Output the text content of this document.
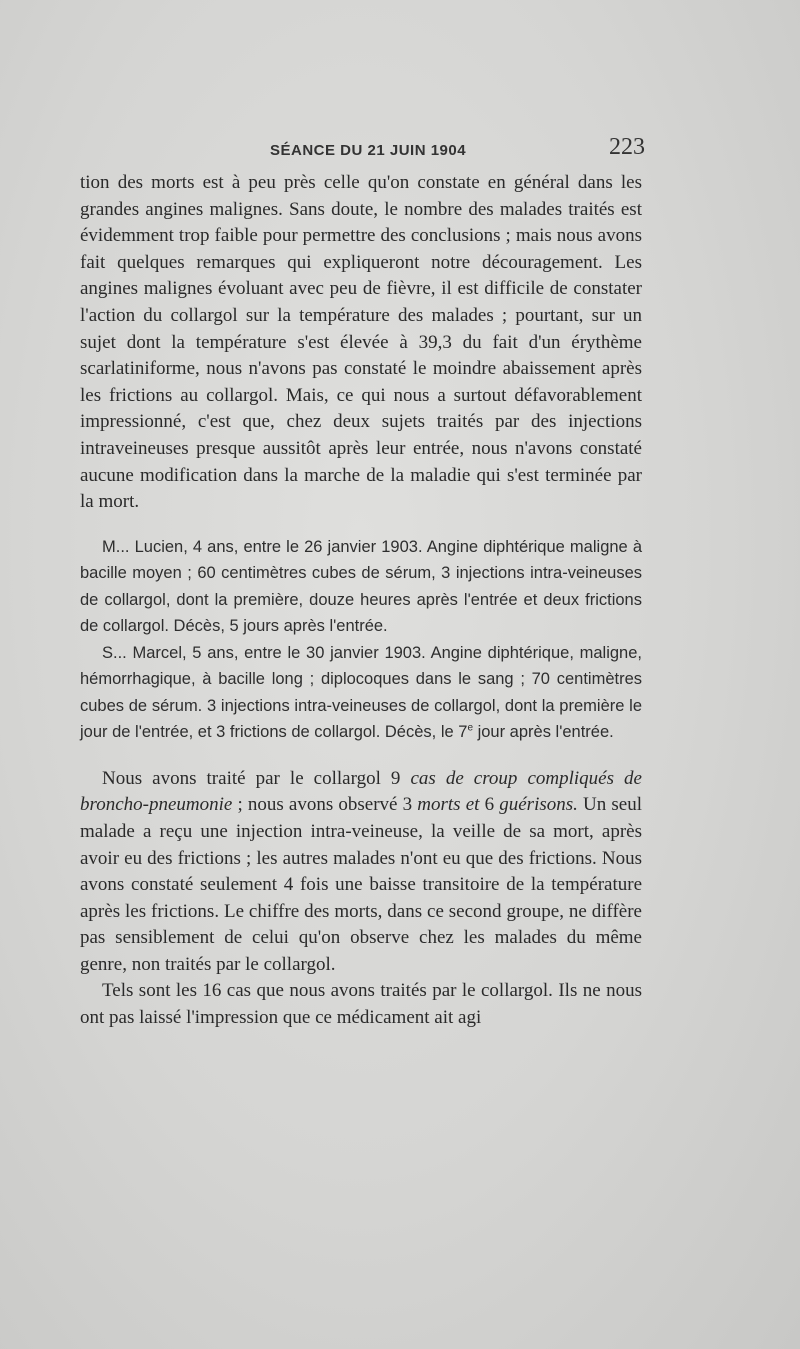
SÉANCE DU 21 JUIN 1904	223

tion des morts est à peu près celle qu'on constate en général dans les grandes angines malignes. Sans doute, le nombre des malades traités est évidemment trop faible pour permettre des conclusions ; mais nous avons fait quelques remarques qui expliqueront notre découragement. Les angines malignes évoluant avec peu de fièvre, il est difficile de constater l'action du collargol sur la température des malades ; pourtant, sur un sujet dont la température s'est élevée à 39,3 du fait d'un érythème scarlatiniforme, nous n'avons pas constaté le moindre abaissement après les frictions au collargol. Mais, ce qui nous a surtout défavorablement impressionné, c'est que, chez deux sujets traités par des injections intraveineuses presque aussitôt après leur entrée, nous n'avons constaté aucune modification dans la marche de la maladie qui s'est terminée par la mort.

M... Lucien, 4 ans, entre le 26 janvier 1903. Angine diphtérique maligne à bacille moyen ; 60 centimètres cubes de sérum, 3 injections intra-veineuses de collargol, dont la première, douze heures après l'entrée et deux frictions de collargol. Décès, 5 jours après l'entrée.

S... Marcel, 5 ans, entre le 30 janvier 1903. Angine diphtérique, maligne, hémorrhagique, à bacille long ; diplocoques dans le sang ; 70 centimètres cubes de sérum. 3 injections intra-veineuses de collargol, dont la première le jour de l'entrée, et 3 frictions de collargol. Décès, le 7e jour après l'entrée.

Nous avons traité par le collargol 9 cas de croup compliqués de broncho-pneumonie ; nous avons observé 3 morts et 6 guérisons. Un seul malade a reçu une injection intra-veineuse, la veille de sa mort, après avoir eu des frictions ; les autres malades n'ont eu que des frictions. Nous avons constaté seulement 4 fois une baisse transitoire de la température après les frictions. Le chiffre des morts, dans ce second groupe, ne diffère pas sensiblement de celui qu'on observe chez les malades du même genre, non traités par le collargol.

Tels sont les 16 cas que nous avons traités par le collargol. Ils ne nous ont pas laissé l'impression que ce médicament ait agi
